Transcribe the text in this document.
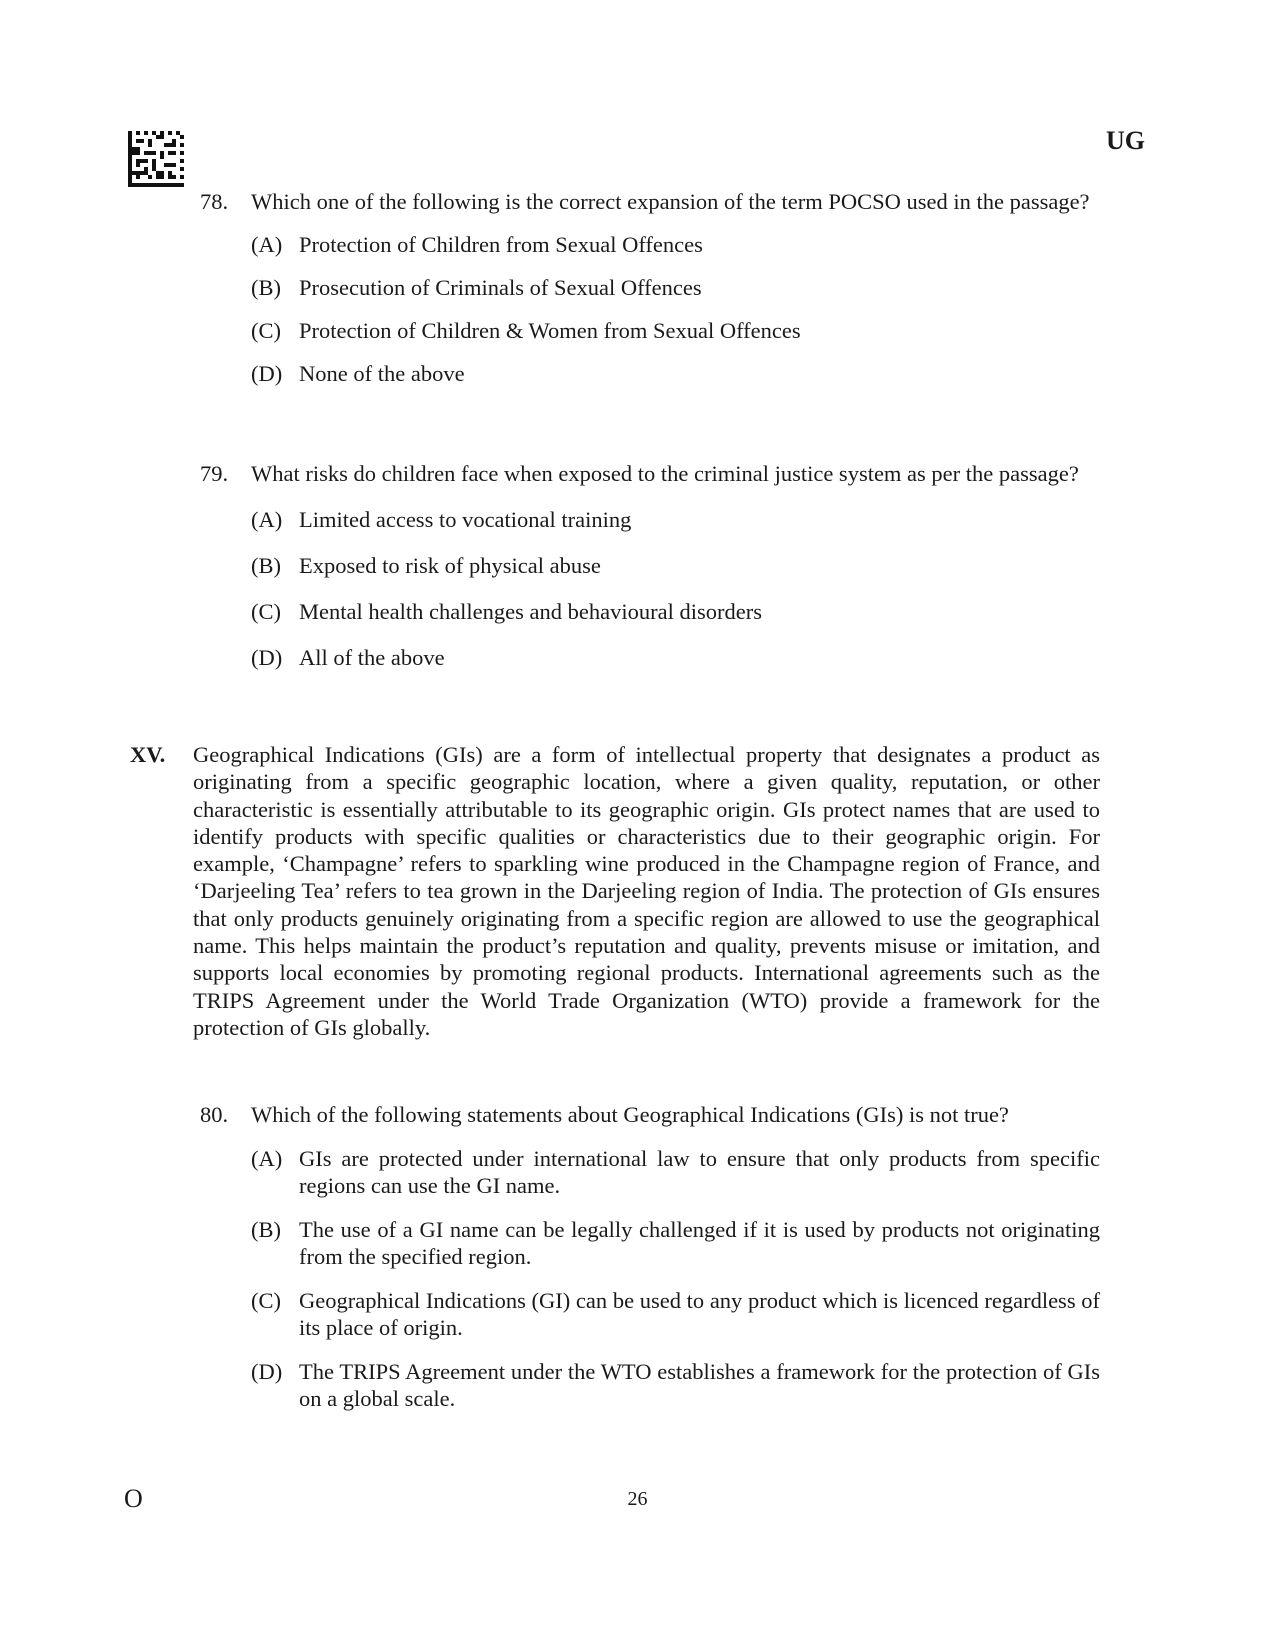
UG
78. Which one of the following is the correct expansion of the term POCSO used in the passage?
(A) Protection of Children from Sexual Offences
(B) Prosecution of Criminals of Sexual Offences
(C) Protection of Children & Women from Sexual Offences
(D) None of the above
79. What risks do children face when exposed to the criminal justice system as per the passage?
(A) Limited access to vocational training
(B) Exposed to risk of physical abuse
(C) Mental health challenges and behavioural disorders
(D) All of the above
XV. Geographical Indications (GIs) are a form of intellectual property that designates a product as originating from a specific geographic location, where a given quality, reputation, or other characteristic is essentially attributable to its geographic origin. GIs protect names that are used to identify products with specific qualities or characteristics due to their geographic origin. For example, ‘Champagne’ refers to sparkling wine produced in the Champagne region of France, and ‘Darjeeling Tea’ refers to tea grown in the Darjeeling region of India. The protection of GIs ensures that only products genuinely originating from a specific region are allowed to use the geographical name. This helps maintain the product’s reputation and quality, prevents misuse or imitation, and supports local economies by promoting regional products. International agreements such as the TRIPS Agreement under the World Trade Organization (WTO) provide a framework for the protection of GIs globally.
80. Which of the following statements about Geographical Indications (GIs) is not true?
(A) GIs are protected under international law to ensure that only products from specific regions can use the GI name.
(B) The use of a GI name can be legally challenged if it is used by products not originating from the specified region.
(C) Geographical Indications (GI) can be used to any product which is licenced regardless of its place of origin.
(D) The TRIPS Agreement under the WTO establishes a framework for the protection of GIs on a global scale.
O	26
